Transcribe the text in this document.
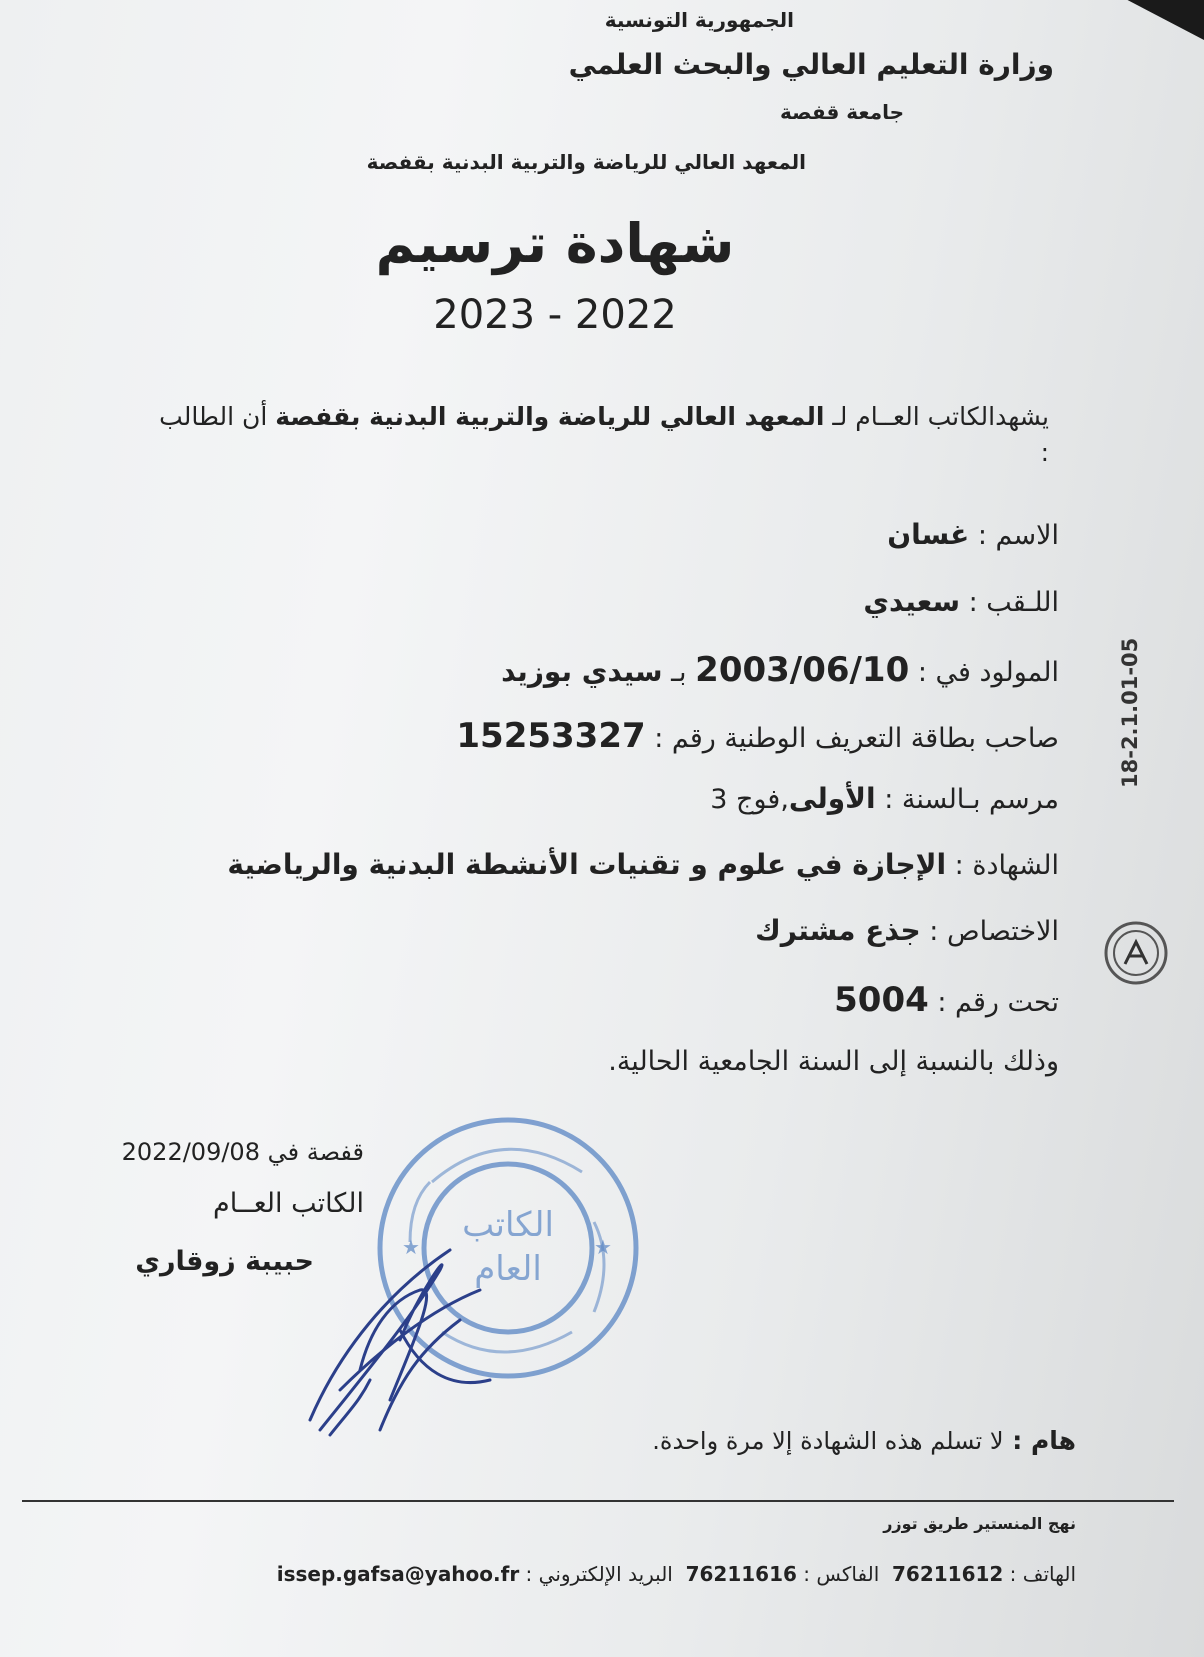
الجمهورية التونسية
وزارة التعليم العالي والبحث العلمي
جامعة قفصة
المعهد العالي للرياضة والتربية البدنية بقفصة
شهادة ترسيم
2023 - 2022
يشهدالكاتب العــام لـ المعهد العالي للرياضة والتربية البدنية بقفصة أن الطالب
:
الاسم : غسان
اللـقب : سعيدي
المولود في : 2003/06/10 بـ سيدي بوزيد
صاحب بطاقة التعريف الوطنية رقم : 15253327
مرسم بـالسنة : الأولى,فوج 3
الشهادة : الإجازة في علوم و تقنيات الأنشطة البدنية والرياضية
الاختصاص : جذع مشترك
تحت رقم : 5004
وذلك بالنسبة إلى السنة الجامعية الحالية.
★	★
الكاتب
العام
قفصة في 2022/09/08
الكاتب العــام
حبيبة زوقاري
18-2.1.01-05
هام : لا تسلم هذه الشهادة إلا مرة واحدة.
نهج المنستير طريق توزر
الهاتف : 76211612  الفاكس : 76211616  البريد الإلكتروني : issep.gafsa@yahoo.fr
